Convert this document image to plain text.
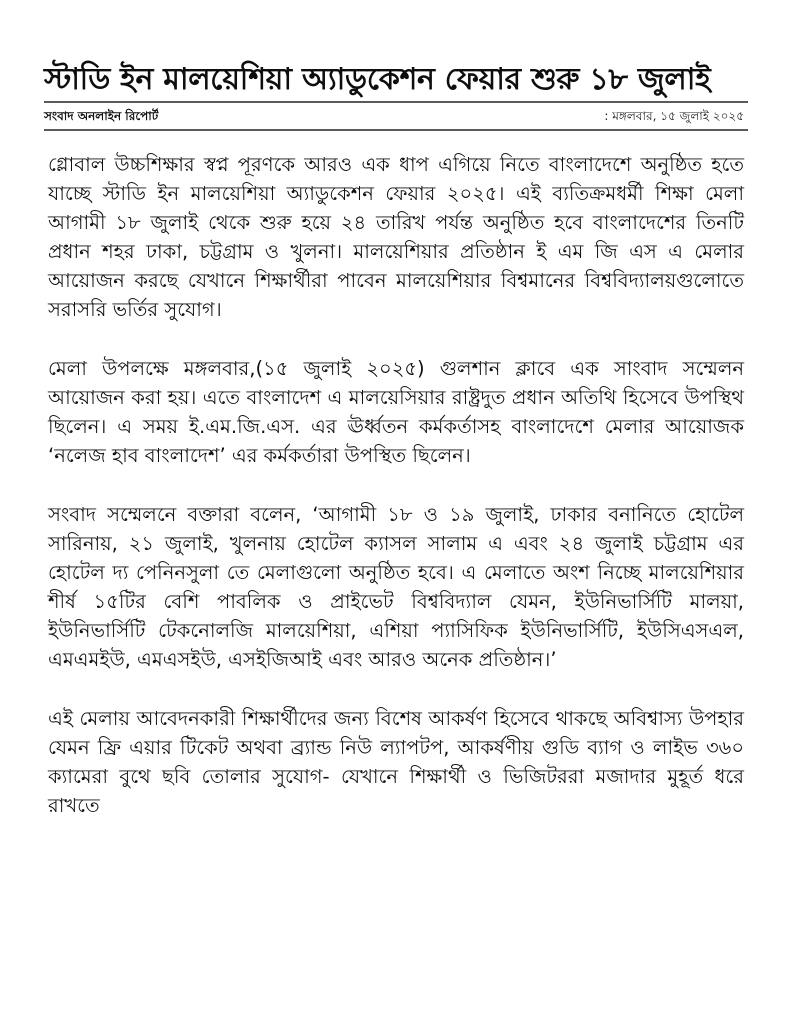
স্টাডি ইন মালয়েশিয়া অ্যাডুকেশন ফেয়ার শুরু ১৮ জুলাই
সংবাদ অনলাইন রিপোর্ট	: মঙ্গলবার, ১৫ জুলাই ২০২৫

গ্লোবাল উচ্চশিক্ষার স্বপ্ন পূরণকে আরও এক ধাপ এগিয়ে নিতে বাংলাদেশে অনুষ্ঠিত হতে যাচ্ছে স্টাডি ইন মালয়েশিয়া অ্যাডুকেশন ফেয়ার ২০২৫। এই ব্যতিক্রমধর্মী শিক্ষা মেলা আগামী ১৮ জুলাই থেকে শুরু হয়ে ২৪ তারিখ পর্যন্ত অনুষ্ঠিত হবে বাংলাদেশের তিনটি প্রধান শহর ঢাকা, চট্টগ্রাম ও খুলনা। মালয়েশিয়ার প্রতিষ্ঠান ই এম জি এস এ মেলার আয়োজন করছে যেখানে শিক্ষার্থীরা পাবেন মালয়েশিয়ার বিশ্বমানের বিশ্ববিদ্যালয়গুলোতে সরাসরি ভর্তির সুযোগ।

মেলা উপলক্ষে মঙ্গলবার,(১৫ জুলাই ২০২৫) গুলশান ক্লাবে এক সাংবাদ সম্মেলন আয়োজন করা হয়। এতে বাংলাদেশ এ মালয়েসিয়ার রাষ্ট্রদুত প্রধান অতিথি হিসেবে উপস্থিথ ছিলেন। এ সময় ই.এম.জি.এস. এর ঊর্ধ্বতন কর্মকর্তাসহ বাংলাদেশে মেলার আয়োজক ‘নলেজ হাব বাংলাদেশ’ এর কর্মকর্তারা উপস্থিত ছিলেন।

সংবাদ সম্মেলনে বক্তারা বলেন, ‘আগামী ১৮ ও ১৯ জুলাই, ঢাকার বনানিতে হোটেল সারিনায়, ২১ জুলাই, খুলনায় হোটেল ক্যাসল সালাম এ এবং ২৪ জুলাই চট্টগ্রাম এর হোটেল দ্য পেনিনসুলা তে মেলাগুলো অনুষ্ঠিত হবে। এ মেলাতে অংশ নিচ্ছে মালয়েশিয়ার শীর্ষ ১৫টির বেশি পাবলিক ও প্রাইভেট বিশ্ববিদ্যাল যেমন, ইউনিভার্সিটি মালয়া, ইউনিভার্সিটি টেকনোলজি মালয়েশিয়া, এশিয়া প্যাসিফিক ইউনিভার্সিটি, ইউসিএসএল, এমএমইউ, এমএসইউ, এসইজিআই এবং আরও অনেক প্রতিষ্ঠান।’

এই মেলায় আবেদনকারী শিক্ষার্থীদের জন্য বিশেষ আকর্ষণ হিসেবে থাকছে অবিশ্বাস্য উপহার যেমন ফ্রি এয়ার টিকেট অথবা ব্র্যান্ড নিউ ল্যাপটপ, আকর্ষণীয় গুডি ব্যাগ ও লাইভ ৩৬০ ক্যামেরা বুথে ছবি তোলার সুযোগ- যেখানে শিক্ষার্থী ও ভিজিটররা মজাদার মুহূর্ত ধরে রাখতে
